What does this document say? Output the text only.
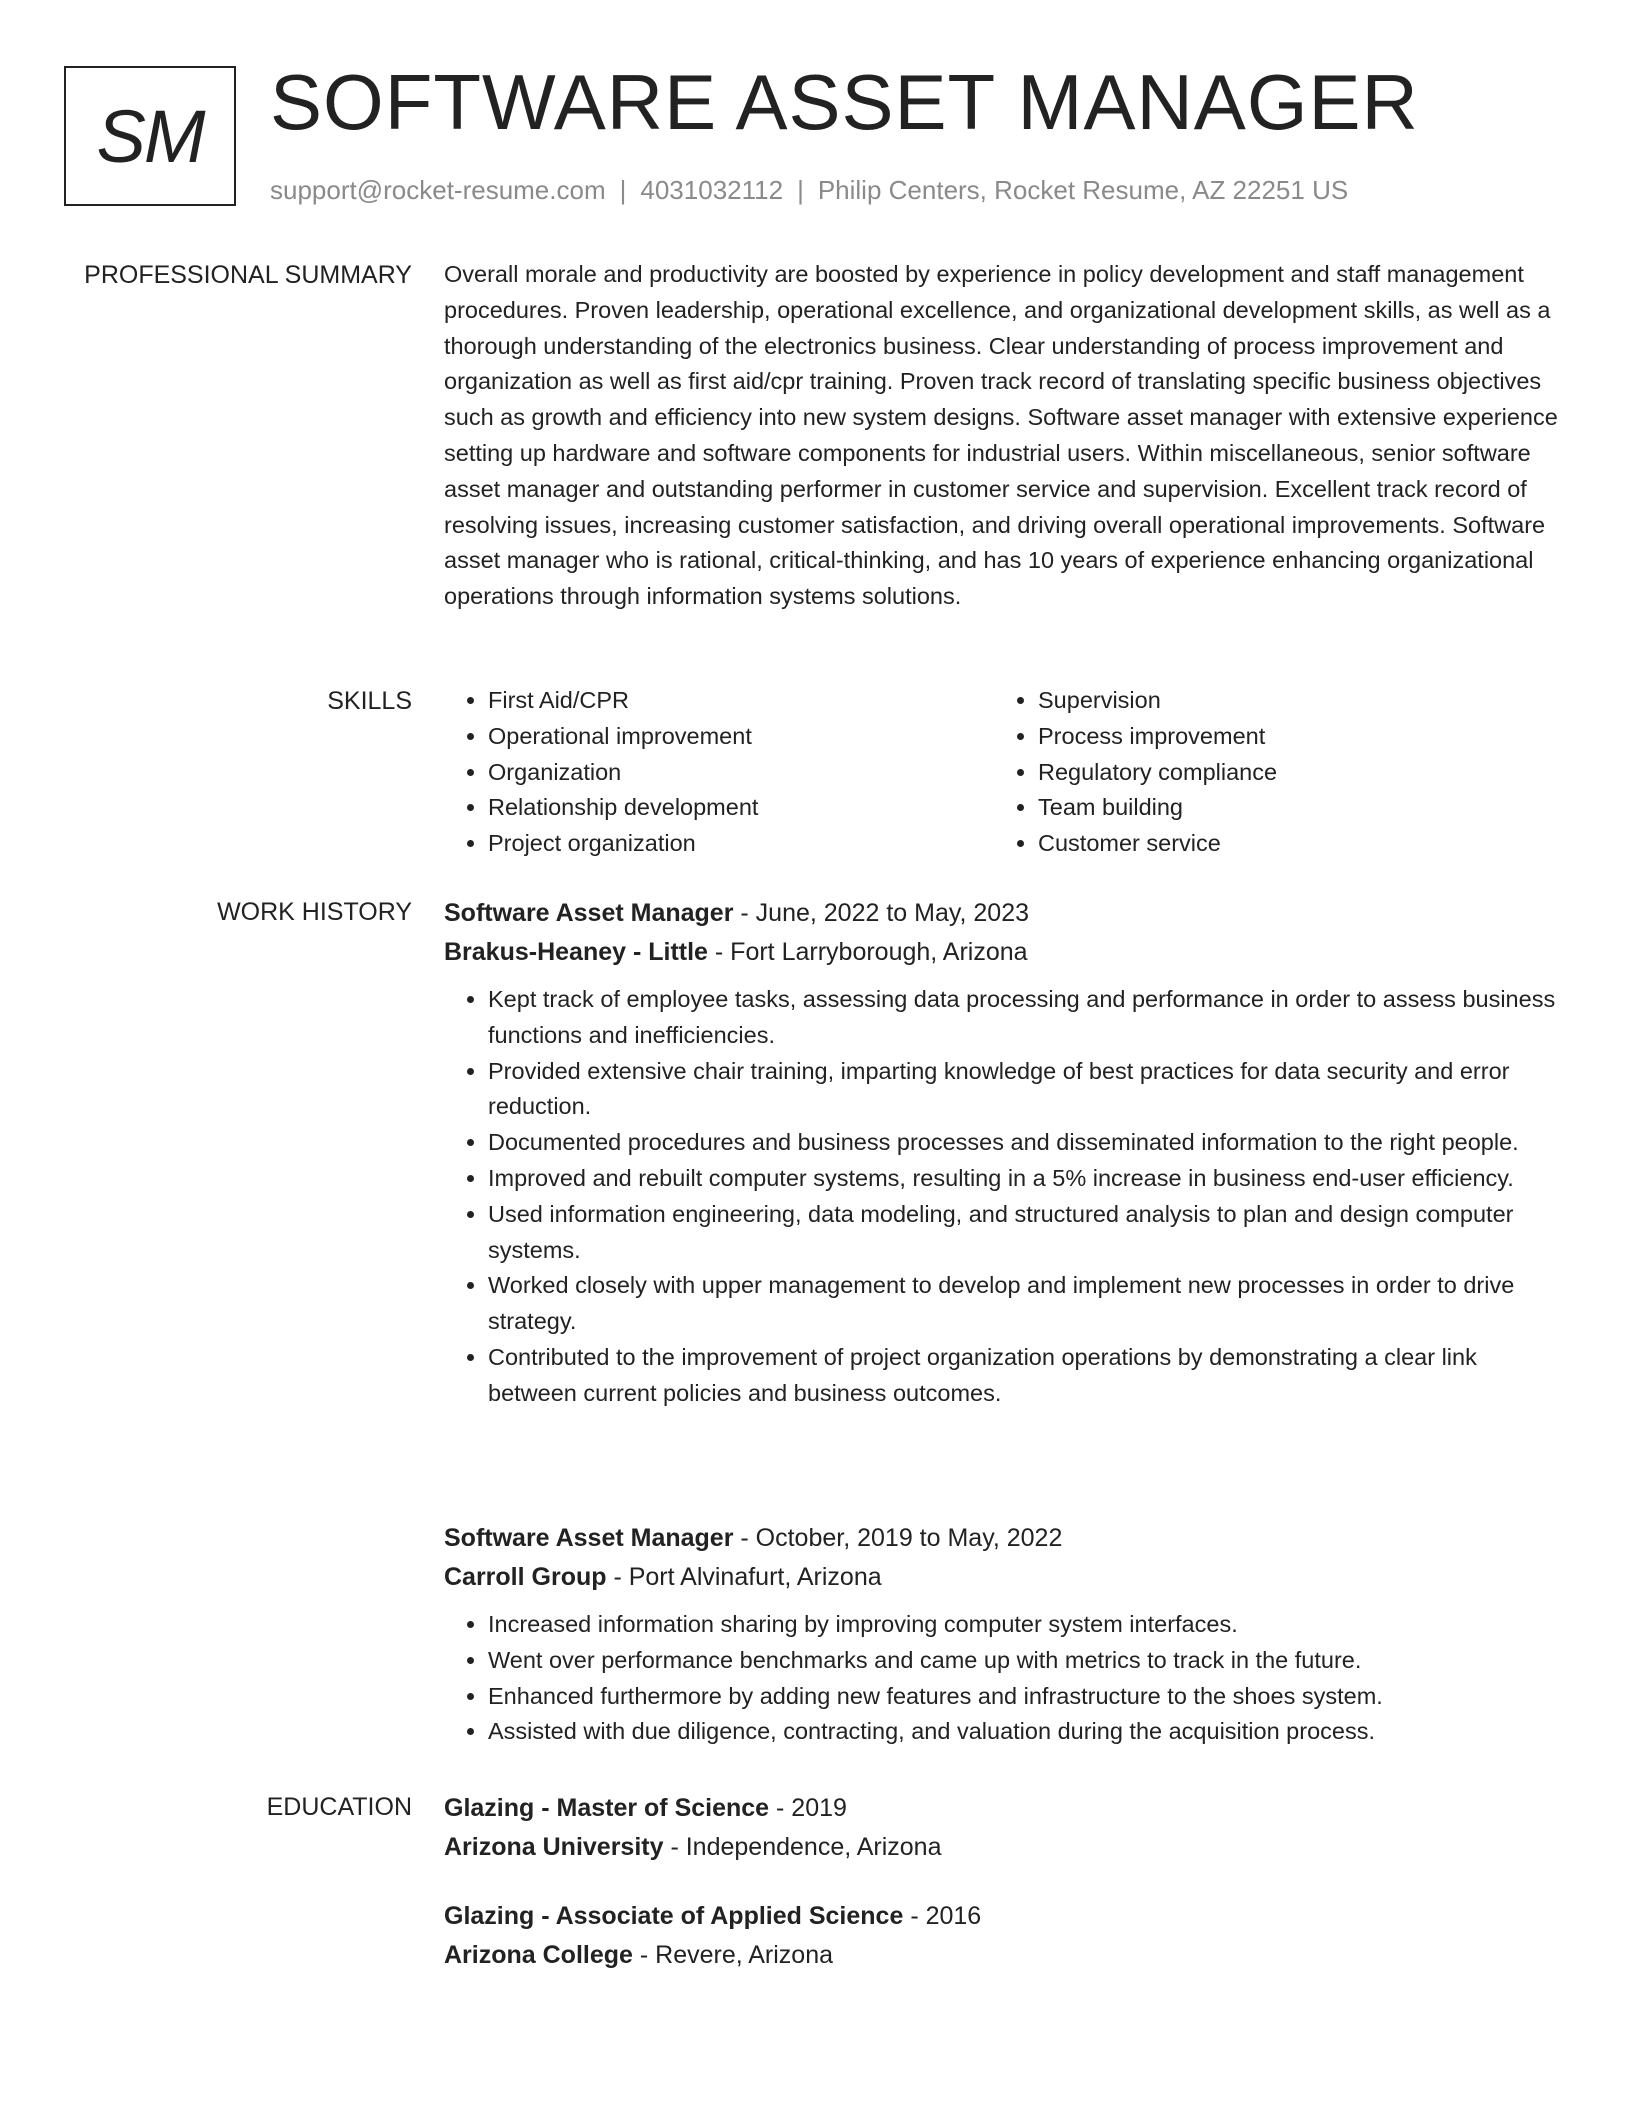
SM SOFTWARE ASSET MANAGER
support@rocket-resume.com | 4031032112 | Philip Centers, Rocket Resume, AZ 22251 US
PROFESSIONAL SUMMARY Overall morale and productivity are boosted by experience in policy development and staff management procedures. Proven leadership, operational excellence, and organizational development skills, as well as a thorough understanding of the electronics business. Clear understanding of process improvement and organization as well as first aid/cpr training. Proven track record of translating specific business objectives such as growth and efficiency into new system designs. Software asset manager with extensive experience setting up hardware and software components for industrial users. Within miscellaneous, senior software asset manager and outstanding performer in customer service and supervision. Excellent track record of resolving issues, increasing customer satisfaction, and driving overall operational improvements. Software asset manager who is rational, critical-thinking, and has 10 years of experience enhancing organizational operations through information systems solutions.

SKILLS
•	First Aid/CPR
• Operational improvement
• Organization
• Relationship development
• Project organization
• Supervision
• Process improvement
• Regulatory compliance
• Team building
• Customer service
WORK HISTORY Software Asset Manager - June, 2022 to May, 2023
Brakus-Heaney - Little - Fort Larryborough, Arizona
• Kept track of employee tasks, assessing data processing and performance in order to assess business functions and inefficiencies.
• Provided extensive chair training, imparting knowledge of best practices for data security and error reduction.
• Documented procedures and business processes and disseminated information to the right people.
• Improved and rebuilt computer systems, resulting in a 5% increase in business end-user efficiency.
• Used information engineering, data modeling, and structured analysis to plan and design computer systems.
• Worked closely with upper management to develop and implement new processes in order to drive strategy.
• Contributed to the improvement of project organization operations by demonstrating a clear link between current policies and business outcomes.
Software Asset Manager - October, 2019 to May, 2022
Carroll Group - Port Alvinafurt, Arizona
• Increased information sharing by improving computer system interfaces.
• Went over performance benchmarks and came up with metrics to track in the future.
• Enhanced furthermore by adding new features and infrastructure to the shoes system.
• Assisted with due diligence, contracting, and valuation during the acquisition process.
EDUCATION Glazing - Master of Science - 2019
Arizona University - Independence, Arizona
Glazing - Associate of Applied Science - 2016
Arizona College - Revere, Arizona
